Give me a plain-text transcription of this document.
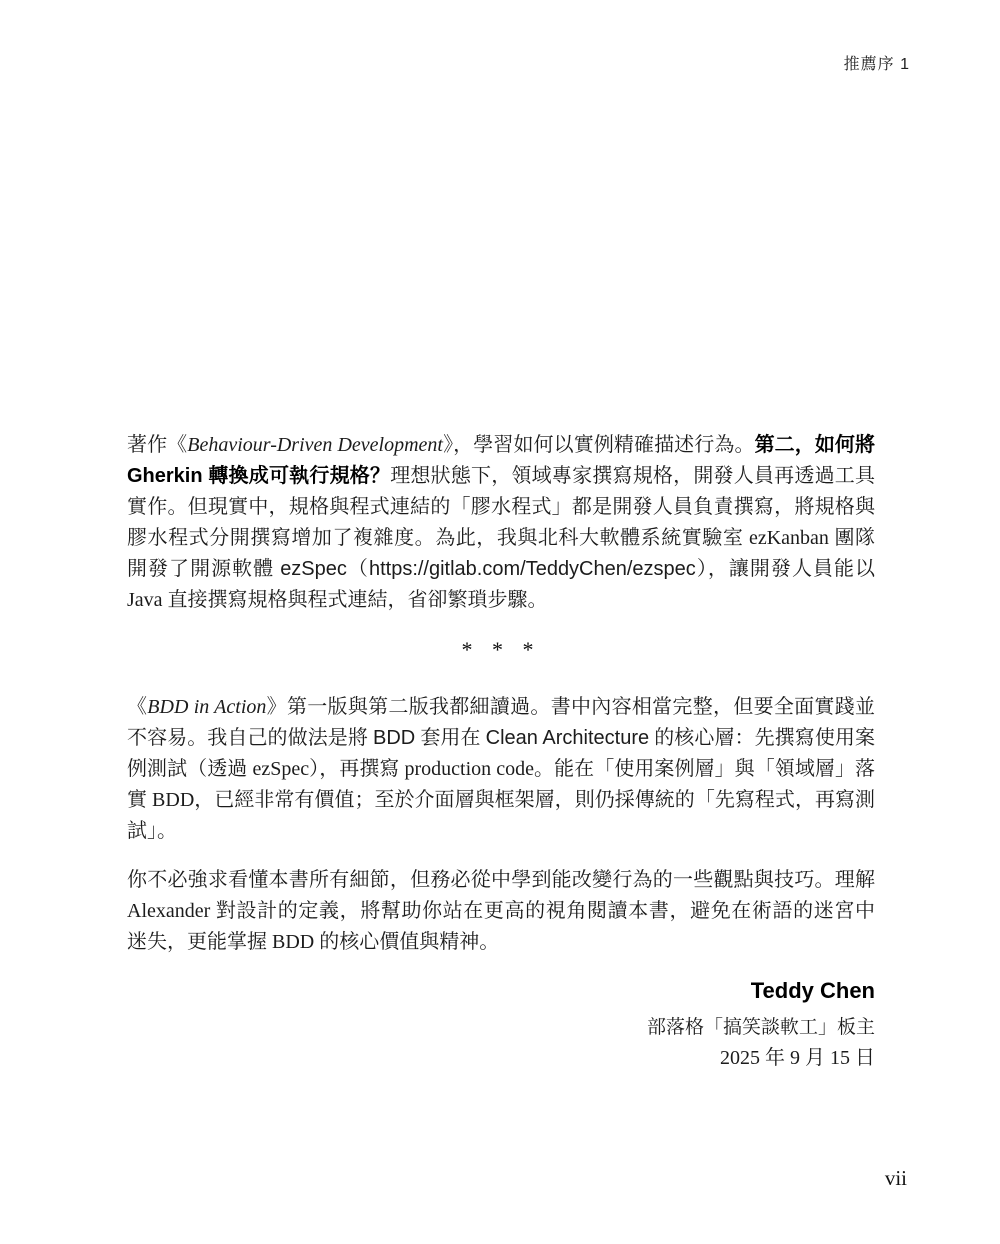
推薦序 1

著作《Behaviour-Driven Development》，學習如何以實例精確描述行為。第二，如何將 Gherkin 轉換成可執行規格？理想狀態下，領域專家撰寫規格，開發人員再透過工具實作。但現實中，規格與程式連結的「膠水程式」都是開發人員負責撰寫，將規格與膠水程式分開撰寫增加了複雜度。為此，我與北科大軟體系統實驗室 ezKanban 團隊開發了開源軟體 ezSpec（https://gitlab.com/TeddyChen/ezspec），讓開發人員能以 Java 直接撰寫規格與程式連結，省卻繁瑣步驟。

* * *

《BDD in Action》第一版與第二版我都細讀過。書中內容相當完整，但要全面實踐並不容易。我自己的做法是將 BDD 套用在 Clean Architecture 的核心層：先撰寫使用案例測試（透過 ezSpec），再撰寫 production code。能在「使用案例層」與「領域層」落實 BDD，已經非常有價值；至於介面層與框架層，則仍採傳統的「先寫程式，再寫測試」。

你不必強求看懂本書所有細節，但務必從中學到能改變行為的一些觀點與技巧。理解 Alexander 對設計的定義，將幫助你站在更高的視角閱讀本書，避免在術語的迷宮中迷失，更能掌握 BDD 的核心價值與精神。

Teddy Chen
部落格「搞笑談軟工」板主
2025 年 9 月 15 日
vii
